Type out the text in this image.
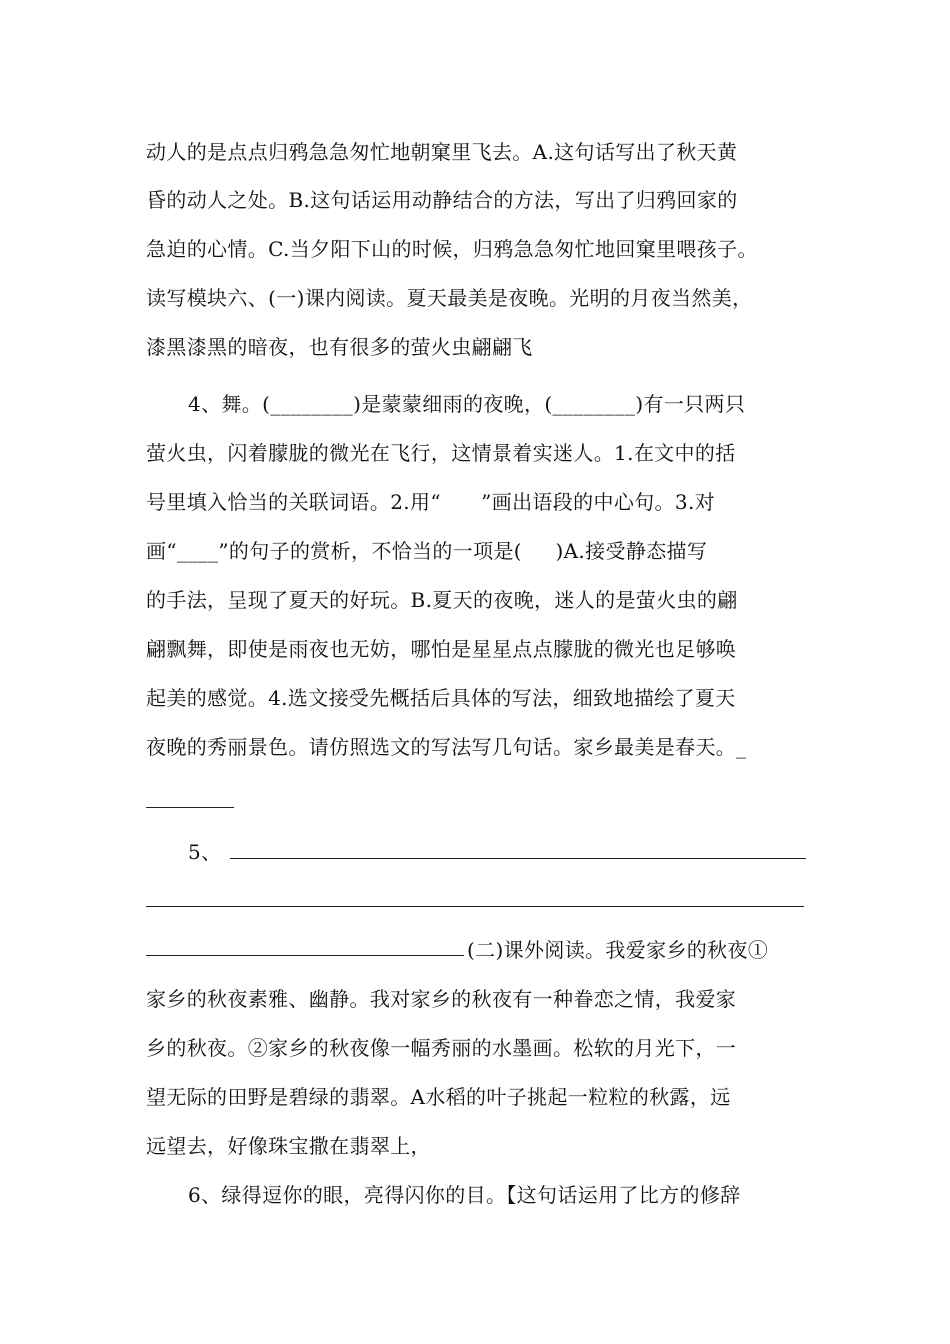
动人的是点点归鸦急急匆忙地朝窠里飞去。A.这句话写出了秋天黄
昏的动人之处。B.这句话运用动静结合的方法，写出了归鸦回家的
急迫的心情。C.当夕阳下山的时候，归鸦急急匆忙地回窠里喂孩子。
读写模块六、(一)课内阅读。夏天最美是夜晚。光明的月夜当然美，
漆黑漆黑的暗夜，也有很多的萤火虫翩翩飞
4、舞。(________)是蒙蒙细雨的夜晚，(________)有一只两只
萤火虫，闪着朦胧的微光在飞行，这情景着实迷人。1.在文中的括
号里填入恰当的关联词语。2.用“      ”画出语段的中心句。3.对
画“____”的句子的赏析，不恰当的一项是(     )A.接受静态描写
的手法，呈现了夏天的好玩。B.夏天的夜晚，迷人的是萤火虫的翩
翩飘舞，即使是雨夜也无妨，哪怕是星星点点朦胧的微光也足够唤
起美的感觉。4.选文接受先概括后具体的写法，细致地描绘了夏天
夜晚的秀丽景色。请仿照选文的写法写几句话。家乡最美是春天。_
5、
(二)课外阅读。我爱家乡的秋夜①
家乡的秋夜素雅、幽静。我对家乡的秋夜有一种眷恋之情，我爱家
乡的秋夜。②家乡的秋夜像一幅秀丽的水墨画。松软的月光下，一
望无际的田野是碧绿的翡翠。A水稻的叶子挑起一粒粒的秋露，远
远望去，好像珠宝撒在翡翠上，
6、绿得逗你的眼，亮得闪你的目。【这句话运用了比方的修辞
